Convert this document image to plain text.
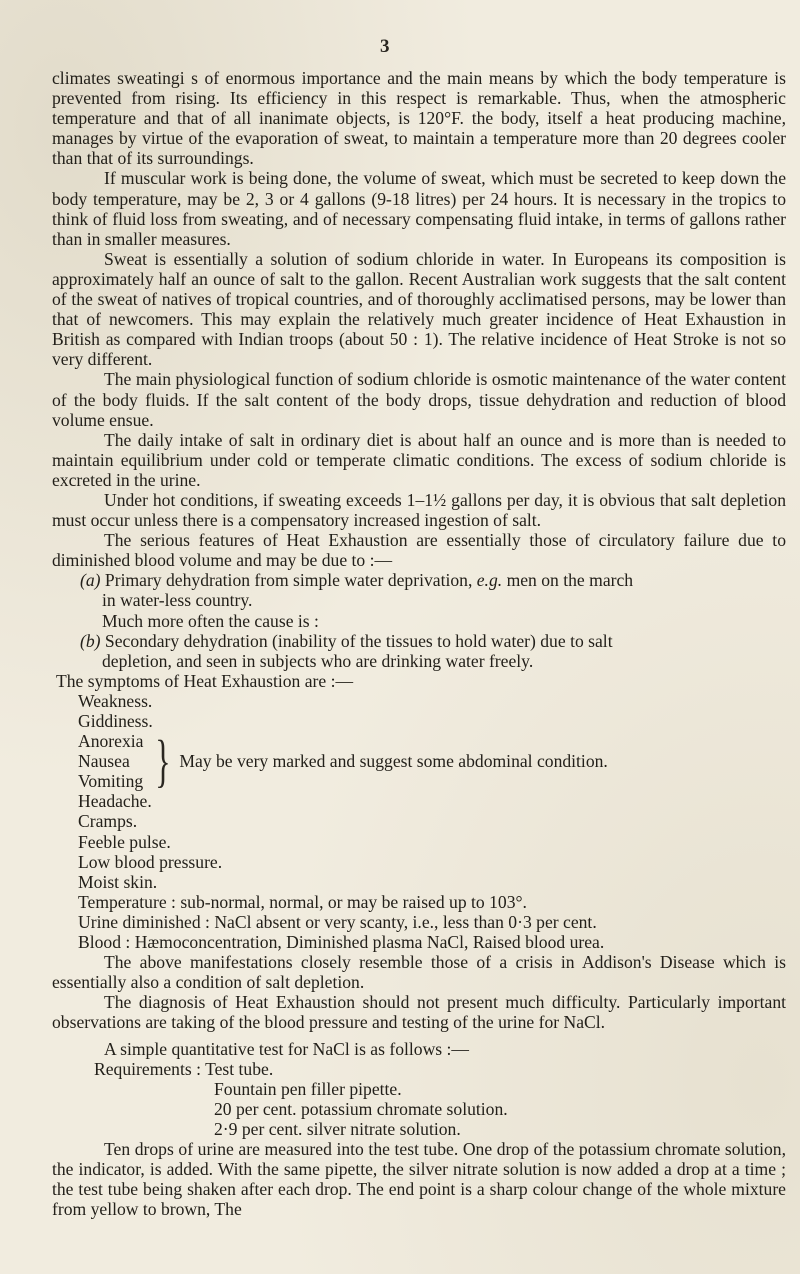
3

climates sweatingi s of enormous importance and the main means by which the body temperature is prevented from rising. Its efficiency in this respect is remarkable. Thus, when the atmospheric temperature and that of all inanimate objects, is 120°F. the body, itself a heat producing machine, manages by virtue of the evaporation of sweat, to maintain a temperature more than 20 degrees cooler than that of its surroundings.

If muscular work is being done, the volume of sweat, which must be secreted to keep down the body temperature, may be 2, 3 or 4 gallons (9-18 litres) per 24 hours. It is necessary in the tropics to think of fluid loss from sweating, and of necessary compensating fluid intake, in terms of gallons rather than in smaller measures.

Sweat is essentially a solution of sodium chloride in water. In Europeans its composition is approximately half an ounce of salt to the gallon. Recent Australian work suggests that the salt content of the sweat of natives of tropical countries, and of thoroughly acclimatised persons, may be lower than that of newcomers. This may explain the relatively much greater incidence of Heat Exhaustion in British as compared with Indian troops (about 50 : 1). The relative incidence of Heat Stroke is not so very different.

The main physiological function of sodium chloride is osmotic maintenance of the water content of the body fluids. If the salt content of the body drops, tissue dehydration and reduction of blood volume ensue.

The daily intake of salt in ordinary diet is about half an ounce and is more than is needed to maintain equilibrium under cold or temperate climatic conditions. The excess of sodium chloride is excreted in the urine.

Under hot conditions, if sweating exceeds 1–1½ gallons per day, it is obvious that salt depletion must occur unless there is a compensatory increased ingestion of salt.

The serious features of Heat Exhaustion are essentially those of circulatory failure due to diminished blood volume and may be due to :—

(a) Primary dehydration from simple water deprivation, e.g. men on the march
in water-less country.
Much more often the cause is :
(b) Secondary dehydration (inability of the tissues to hold water) due to salt
depletion, and seen in subjects who are drinking water freely.
The symptoms of Heat Exhaustion are :—
Weakness.
Giddiness.
Anorexia
Nausea
Vomiting } May be very marked and suggest some abdominal condition.
Headache.
Cramps.
Feeble pulse.
Low blood pressure.
Moist skin.
Temperature : sub-normal, normal, or may be raised up to 103°.
Urine diminished : NaCl absent or very scanty, i.e., less than 0·3 per cent.
Blood : Hæmoconcentration, Diminished plasma NaCl, Raised blood urea.

The above manifestations closely resemble those of a crisis in Addison's Disease which is essentially also a condition of salt depletion.

The diagnosis of Heat Exhaustion should not present much difficulty. Particularly important observations are taking of the blood pressure and testing of the urine for NaCl.

A simple quantitative test for NaCl is as follows :—
Requirements : Test tube.
Fountain pen filler pipette.
20 per cent. potassium chromate solution.
2·9 per cent. silver nitrate solution.

Ten drops of urine are measured into the test tube. One drop of the potassium chromate solution, the indicator, is added. With the same pipette, the silver nitrate solution is now added a drop at a time ; the test tube being shaken after each drop. The end point is a sharp colour change of the whole mixture from yellow to brown, The
